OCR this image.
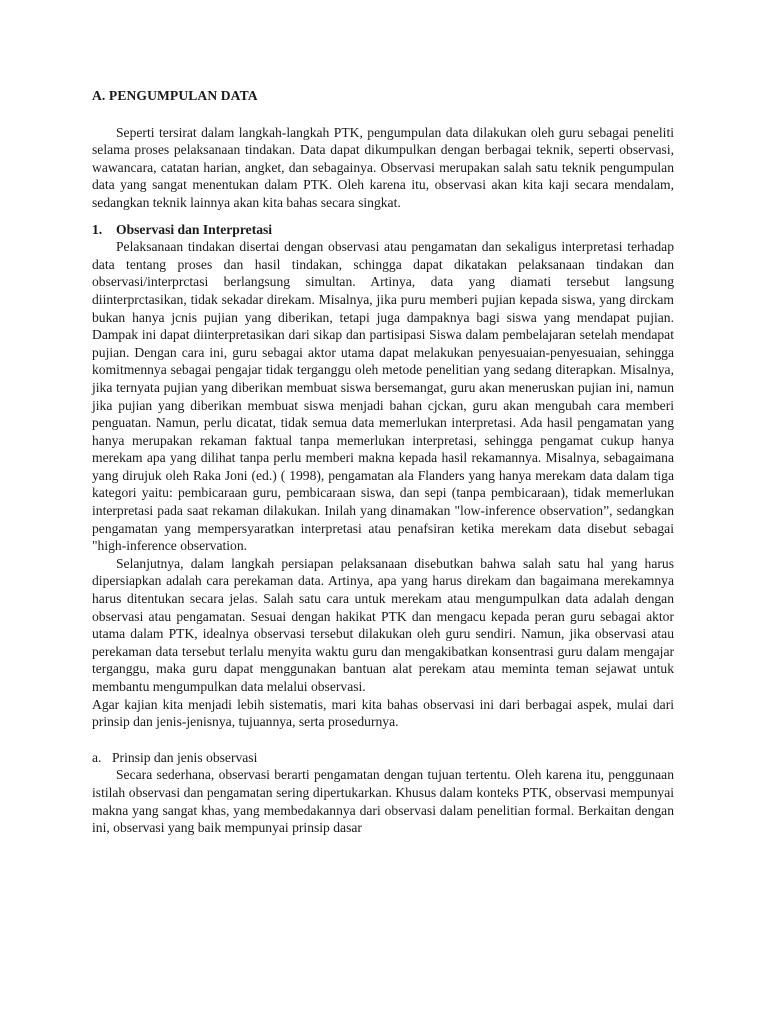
A. PENGUMPULAN DATA

Seperti tersirat dalam langkah-langkah PTK, pengumpulan data dilakukan oleh guru sebagai peneliti selama proses pelaksanaan tindakan. Data dapat dikumpulkan dengan berbagai teknik, seperti observasi, wawancara, catatan harian, angket, dan sebagainya. Observasi merupakan salah satu teknik pengumpulan data yang sangat menentukan dalam PTK. Oleh karena itu, observasi akan kita kaji secara mendalam, sedangkan teknik lainnya akan kita bahas secara singkat.

1. Observasi dan Interpretasi

Pelaksanaan tindakan disertai dengan observasi atau pengamatan dan sekaligus interpretasi terhadap data tentang proses dan hasil tindakan, schingga dapat dikatakan pelaksanaan tindakan dan observasi/interprctasi berlangsung simultan. Artinya, data yang diamati tersebut langsung diinterprctasikan, tidak sekadar direkam. Misalnya, jika puru memberi pujian kepada siswa, yang dirckam bukan hanya jcnis pujian yang diberikan, tetapi juga dampaknya bagi siswa yang mendapat pujian. Dampak ini dapat diinterpretasikan dari sikap dan partisipasi Siswa dalam pembelajaran setelah mendapat pujian. Dengan cara ini, guru sebagai aktor utama dapat melakukan penyesuaian-penyesuaian, sehingga komitmennya sebagai pengajar tidak terganggu oleh metode penelitian yang sedang diterapkan. Misalnya, jika ternyata pujian yang diberikan membuat siswa bersemangat, guru akan meneruskan pujian ini, namun jika pujian yang diberikan membuat siswa menjadi bahan cjckan, guru akan mengubah cara memberi penguatan. Namun, perlu dicatat, tidak semua data memerlukan interpretasi. Ada hasil pengamatan yang hanya merupakan rekaman faktual tanpa memerlukan interpretasi, sehingga pengamat cukup hanya merekam apa yang dilihat tanpa perlu memberi makna kepada hasil rekamannya. Misalnya, sebagaimana yang dirujuk oleh Raka Joni (ed.) ( 1998), pengamatan ala Flanders yang hanya merekam data dalam tiga kategori yaitu: pembicaraan guru, pembicaraan siswa, dan sepi (tanpa pembicaraan), tidak memerlukan interpretasi pada saat rekaman dilakukan. Inilah yang dinamakan "low-inference observation”, sedangkan pengamatan yang mempersyaratkan interpretasi atau penafsiran ketika merekam data disebut sebagai "high-inference observation.

Selanjutnya, dalam langkah persiapan pelaksanaan disebutkan bahwa salah satu hal yang harus dipersiapkan adalah cara perekaman data. Artinya, apa yang harus direkam dan bagaimana merekamnya harus ditentukan secara jelas. Salah satu cara untuk merekam atau mengumpulkan data adalah dengan observasi atau pengamatan. Sesuai dengan hakikat PTK dan mengacu kepada peran guru sebagai aktor utama dalam PTK, idealnya observasi tersebut dilakukan oleh guru sendiri. Namun, jika observasi atau perekaman data tersebut terlalu menyita waktu guru dan mengakibatkan konsentrasi guru dalam mengajar terganggu, maka guru dapat menggunakan bantuan alat perekam atau meminta teman sejawat untuk membantu mengumpulkan data melalui observasi.

Agar kajian kita menjadi lebih sistematis, mari kita bahas observasi ini dari berbagai aspek, mulai dari prinsip dan jenis-jenisnya, tujuannya, serta prosedurnya.

a. Prinsip dan jenis observasi

Secara sederhana, observasi berarti pengamatan dengan tujuan tertentu. Oleh karena itu, penggunaan istilah observasi dan pengamatan sering dipertukarkan. Khusus dalam konteks PTK, observasi mempunyai makna yang sangat khas, yang membedakannya dari observasi dalam penelitian formal. Berkaitan dengan ini, observasi yang baik mempunyai prinsip dasar
